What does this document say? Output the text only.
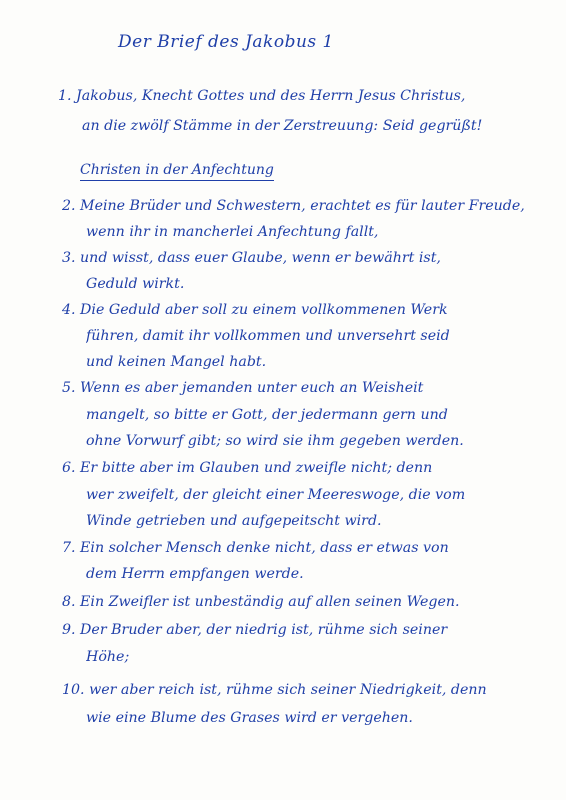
Der Brief des Jakobus 1
1. Jakobus, Knecht Gottes und des Herrn Jesus Christus,
an die zwölf Stämme in der Zerstreuung: Seid gegrüßt!
Christen in der Anfechtung
2. Meine Brüder und Schwestern, erachtet es für lauter Freude,
wenn ihr in mancherlei Anfechtung fallt,
3. und wisst, dass euer Glaube, wenn er bewährt ist,
Geduld wirkt.
4. Die Geduld aber soll zu einem vollkommenen Werk
führen, damit ihr vollkommen und unversehrt seid
und keinen Mangel habt.
5. Wenn es aber jemanden unter euch an Weisheit
mangelt, so bitte er Gott, der jedermann gern und
ohne Vorwurf gibt; so wird sie ihm gegeben werden.
6. Er bitte aber im Glauben und zweifle nicht; denn
wer zweifelt, der gleicht einer Meereswoge, die vom
Winde getrieben und aufgepeitscht wird.
7. Ein solcher Mensch denke nicht, dass er etwas von
dem Herrn empfangen werde.
8. Ein Zweifler ist unbeständig auf allen seinen Wegen.
9. Der Bruder aber, der niedrig ist, rühme sich seiner
Höhe;
10. wer aber reich ist, rühme sich seiner Niedrigkeit, denn
wie eine Blume des Grases wird er vergehen.
